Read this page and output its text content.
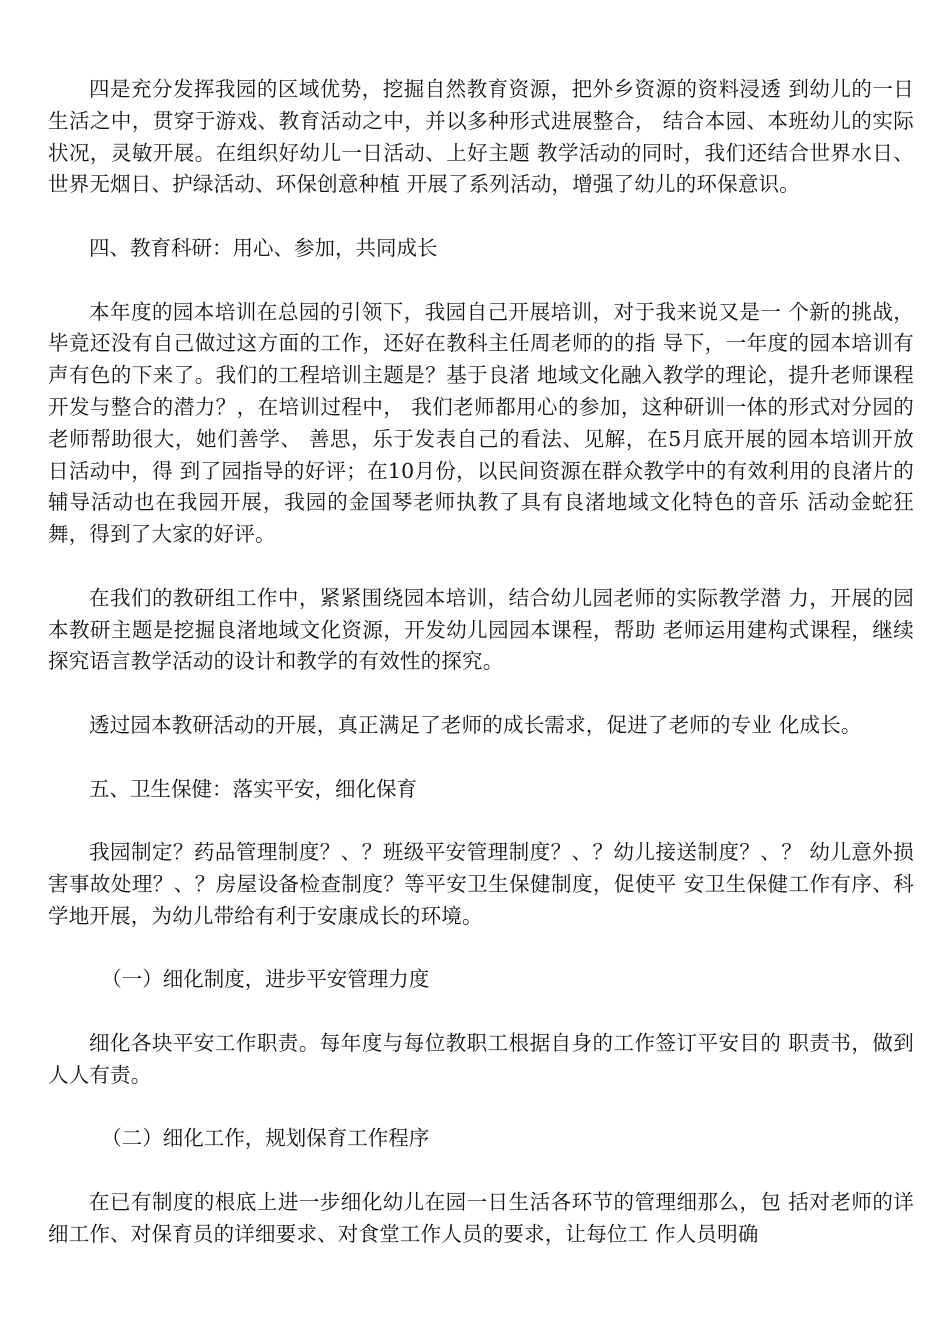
四是充分发挥我园的区域优势，挖掘自然教育资源，把外乡资源的资料浸透 到幼儿的一日生活之中，贯穿于游戏、教育活动之中，并以多种形式进展整合， 结合本园、本班幼儿的实际状况，灵敏开展。在组织好幼儿一日活动、上好主题 教学活动的同时，我们还结合世界水日、世界无烟日、护绿活动、环保创意种植 开展了系列活动，增强了幼儿的环保意识。

四、教育科研：用心、参加，共同成长

本年度的园本培训在总园的引领下，我园自己开展培训，对于我来说又是一 个新的挑战，毕竟还没有自己做过这方面的工作，还好在教科主任周老师的的指 导下，一年度的园本培训有声有色的下来了。我们的工程培训主题是？基于良渚 地域文化融入教学的理论，提升老师课程开发与整合的潜力？，在培训过程中， 我们老师都用心的参加，这种研训一体的形式对分园的老师帮助很大，她们善学、 善思，乐于发表自己的看法、见解，在5月底开展的园本培训开放日活动中，得 到了园指导的好评；在10月份，以民间资源在群众教学中的有效利用的良渚片的 辅导活动也在我园开展，我园的金国琴老师执教了具有良渚地域文化特色的音乐 活动金蛇狂舞，得到了大家的好评。

在我们的教研组工作中，紧紧围绕园本培训，结合幼儿园老师的实际教学潜 力，开展的园本教研主题是挖掘良渚地域文化资源，开发幼儿园园本课程，帮助 老师运用建构式课程，继续探究语言教学活动的设计和教学的有效性的探究。

透过园本教研活动的开展，真正满足了老师的成长需求，促进了老师的专业 化成长。

五、卫生保健：落实平安，细化保育

我园制定？药品管理制度？、？班级平安管理制度？、？幼儿接送制度？、？ 幼儿意外损害事故处理？、？房屋设备检查制度？等平安卫生保健制度，促使平 安卫生保健工作有序、科学地开展，为幼儿带给有利于安康成长的环境。

（一）细化制度，进步平安管理力度

细化各块平安工作职责。每年度与每位教职工根据自身的工作签订平安目的 职责书，做到人人有责。

（二）细化工作，规划保育工作程序

在已有制度的根底上进一步细化幼儿在园一日生活各环节的管理细那么，包 括对老师的详细工作、对保育员的详细要求、对食堂工作人员的要求，让每位工 作人员明确
